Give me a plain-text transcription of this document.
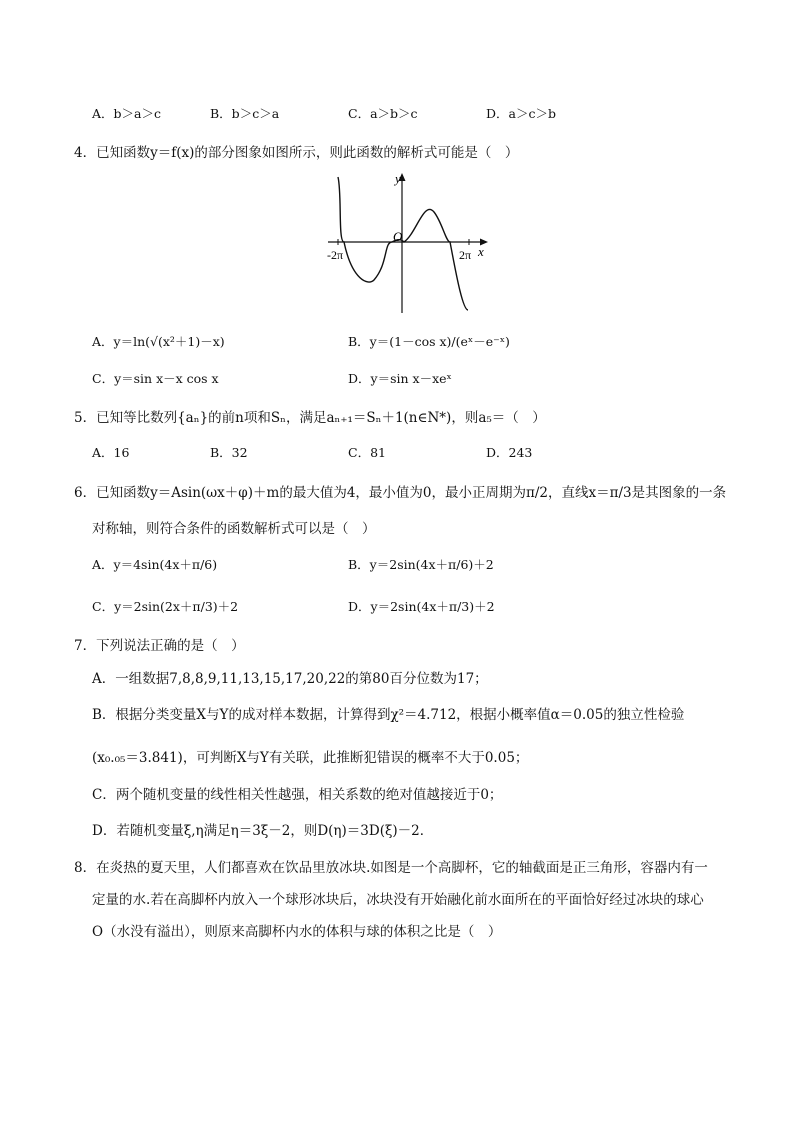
A．b＞a＞c	B．b＞c＞a	C．a＞b＞c	D．a＞c＞b
4．已知函数y＝f(x)的部分图象如图所示，则此函数的解析式可能是（　）
O
y
x
-2π	2π
A．y＝ln(√(x²＋1)－x)	B．y＝(1－cos x)/(eˣ－e⁻ˣ)
C．y＝sin x－x cos x	D．y＝sin x－xeˣ
5．已知等比数列{aₙ}的前n项和Sₙ，满足aₙ₊₁＝Sₙ＋1(n∈N*)，则a₅＝（　）
A．16	B．32	C．81	D．243
6．已知函数y＝Asin(ωx＋φ)＋m的最大值为4，最小值为0，最小正周期为π/2，直线x＝π/3是其图象的一条
对称轴，则符合条件的函数解析式可以是（　）
A．y＝4sin(4x＋π/6)	B．y＝2sin(4x＋π/6)＋2
C．y＝2sin(2x＋π/3)＋2	D．y＝2sin(4x＋π/3)＋2
7．下列说法正确的是（　）
A．一组数据7,8,8,9,11,13,15,17,20,22的第80百分位数为17；
B．根据分类变量X与Y的成对样本数据，计算得到χ²＝4.712，根据小概率值α＝0.05的独立性检验
(x₀.₀₅＝3.841)，可判断X与Y有关联，此推断犯错误的概率不大于0.05；
C．两个随机变量的线性相关性越强，相关系数的绝对值越接近于0；
D．若随机变量ξ,η满足η＝3ξ－2，则D(η)＝3D(ξ)－2．
8．在炎热的夏天里，人们都喜欢在饮品里放冰块.如图是一个高脚杯，它的轴截面是正三角形，容器内有一
定量的水.若在高脚杯内放入一个球形冰块后，冰块没有开始融化前水面所在的平面恰好经过冰块的球心
O（水没有溢出），则原来高脚杯内水的体积与球的体积之比是（　）
